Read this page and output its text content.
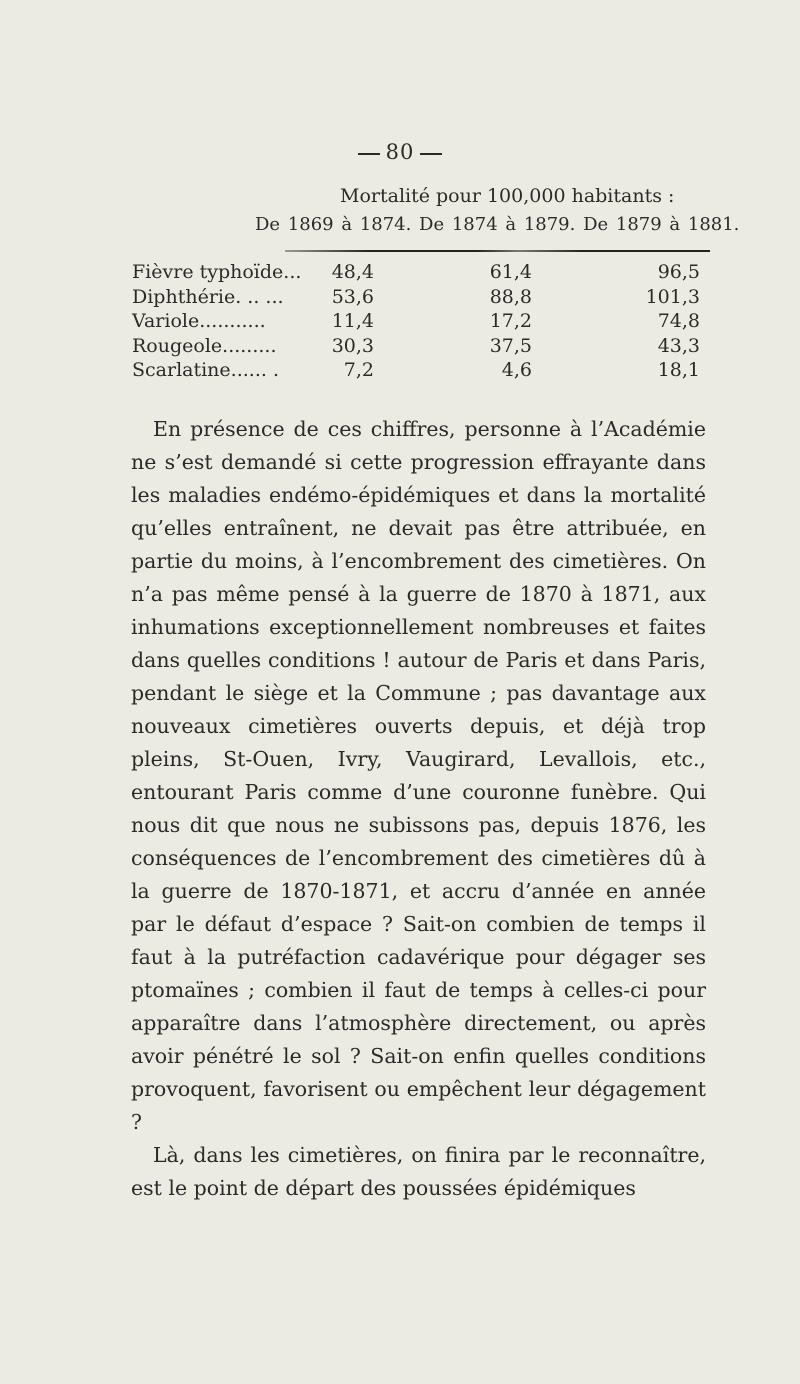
80
Mortalité pour 100,000 habitants :
De 1869 à 1874. De 1874 à 1879. De 1879 à 1881.
Fièvre typhoïde...	48,4	61,4	96,5
Diphthérie. .. ...	53,6	88,8	101,3
Variole...........	11,4	17,2	74,8
Rougeole.........	30,3	37,5	43,3
Scarlatine...... .	7,2	4,6	18,1

En présence de ces chiffres, personne à l’Académie ne s’est demandé si cette progression effrayante dans les maladies endémo-épidémiques et dans la mortalité qu’elles entraînent, ne devait pas être attribuée, en partie du moins, à l’encombrement des cimetières. On n’a pas même pensé à la guerre de 1870 à 1871, aux inhumations exceptionnellement nombreuses et faites dans quelles conditions ! autour de Paris et dans Paris, pendant le siège et la Commune ; pas davantage aux nouveaux cimetières ouverts depuis, et déjà trop pleins, St-Ouen, Ivry, Vaugirard, Levallois, etc., entourant Paris comme d’une couronne funèbre. Qui nous dit que nous ne subissons pas, depuis 1876, les conséquences de l’encombrement des cimetières dû à la guerre de 1870-1871, et accru d’année en année par le défaut d’espace ? Sait-on combien de temps il faut à la putréfaction cadavérique pour dégager ses ptomaïnes ; combien il faut de temps à celles-ci pour apparaître dans l’atmosphère directement, ou après avoir pénétré le sol ? Sait-on enfin quelles conditions provoquent, favorisent ou empêchent leur dégagement ?

Là, dans les cimetières, on finira par le reconnaître, est le point de départ des poussées épidémiques
